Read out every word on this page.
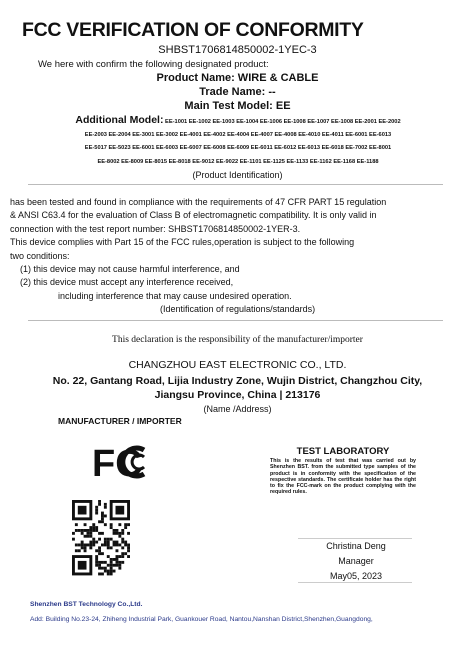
FCC VERIFICATION OF CONFORMITY
SHBST1706814850002-1YEC-3
We here with confirm the following designated product:
Product Name: WIRE & CABLE
Trade Name: --
Main Test Model: EE
Additional Model: EE-1001 EE-1002 EE-1003 EE-1004 EE-1006 EE-1008 EE-1007 EE-1008 EE-2001 EE-2002
EE-2003 EE-2004 EE-3001 EE-3002 EE-4001 EE-4002 EE-4004 EE-4007 EE-4008 EE-4010 EE-4011 EE-6001 EE-6013
EE-5017 EE-5023 EE-6001 EE-6003 EE-6007 EE-6008 EE-6009 EE-6011 EE-6012 EE-6013 EE-6018 EE-7002 EE-8001
EE-8002 EE-8009 EE-8015 EE-8018 EE-9012 EE-9022 EE-1101 EE-1125 EE-1133 EE-1162 EE-1168 EE-1188
(Product Identification)
has been tested and found in compliance with the requirements of 47 CFR PART 15 regulation
& ANSI C63.4 for the evaluation of Class B of electromagnetic compatibility. It is only valid in
connection with the test report number: SHBST1706814850002-1YER-3.
This device complies with Part 15 of the FCC rules,operation is subject to the following
two conditions:
(1) this device may not cause harmful interference, and
(2) this device must accept any interference received,
including interference that may cause undesired operation.
(Identification of regulations/standards)
This declaration is the responsibility of the manufacturer/importer
CHANGZHOU EAST ELECTRONIC CO., LTD.
No. 22, Gantang Road, Lijia Industry Zone, Wujin District, Changzhou City,
Jiangsu Province, China | 213176
(Name /Address)
MANUFACTURER / IMPORTER
FC	TEST LABORATORY
This is the results of test that was carried out by Shenzhen BST. from the submitted type samples of the product is in conformity with the specification of the respective standards. The certificate holder has the right to fix the FCC-mark on the product complying with the required rules.
Christina Deng
Manager
May05, 2023
Shenzhen BST Technology Co.,Ltd.
Add: Building No.23-24, Zhiheng Industrial Park, Guankouer Road, Nantou,Nanshan District,Shenzhen,Guangdong,
